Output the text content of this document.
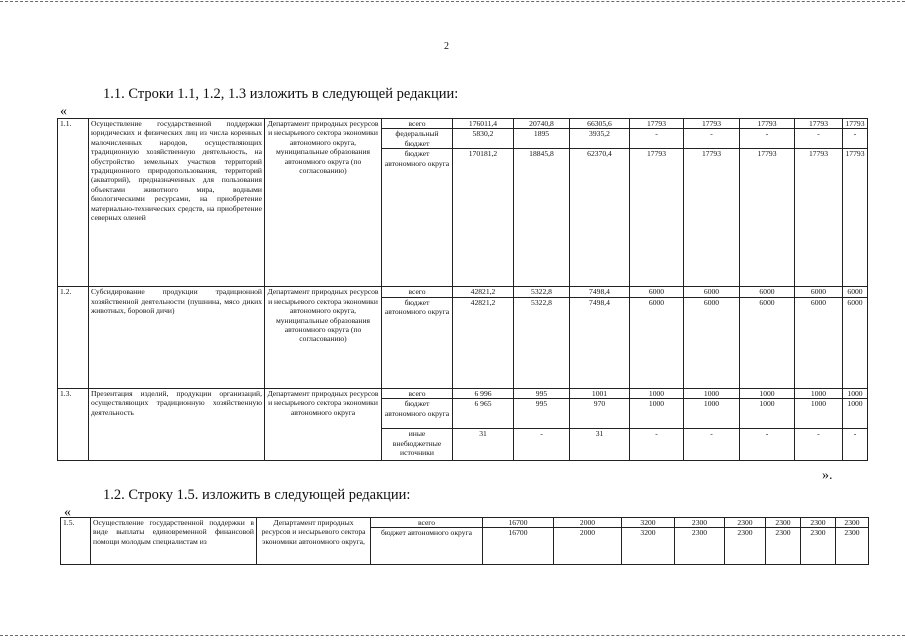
2
1.1. Строки 1.1, 1.2, 1.3 изложить в следующей редакции:
«
1.1.	Осуществление государственной поддержки юридических и физических лиц из числа коренных малочисленных народов, осуществляющих традиционную хозяйственную деятельность, на обустройство земельных участков территорий традиционного природопользования, территорий (акваторий), предназначенных для пользования объектами животного мира, водными биологическими ресурсами, на приобретение материально-технических средств, на приобретение северных оленей	Департамент природных ресурсов и несырьевого сектора экономики автономного округа, муниципальные образования автономного округа (по согласованию)	всего	176011,4	20740,8	66305,6	17793	17793	17793	17793	17793
			федеральный бюджет	5830,2	1895	3935,2	-	-	-	-	-
			бюджет автономного округа	170181,2	18845,8	62370,4	17793	17793	17793	17793	17793
1.2.	Субсидирование продукции традиционной хозяйственной деятельности (пушнина, мясо диких животных, боровой дичи)	Департамент природных ресурсов и несырьевого сектора экономики автономного округа, муниципальные образования автономного округа (по согласованию)	всего	42821,2	5322,8	7498,4	6000	6000	6000	6000	6000
			бюджет автономного округа	42821,2	5322,8	7498,4	6000	6000	6000	6000	6000
1.3.	Презентация изделий, продукции организаций, осуществляющих традиционную хозяйственную деятельность	Департамент природных ресурсов и несырьевого сектора экономики автономного округа	всего	6 996	995	1001	1000	1000	1000	1000	1000
			бюджет автономного округа	6 965	995	970	1000	1000	1000	1000	1000
			иные внебюджетные источники	31	-	31	-	-	-	-	-
».
1.2. Строку 1.5. изложить в следующей редакции:
«
1.5.	Осуществление государственной поддержки в виде выплаты единовременной финансовой помощи молодым специалистам из	Департамент природных ресурсов и несырьевого сектора экономики автономного округа,	всего	16700	2000	3200	2300	2300	2300	2300	2300
			бюджет автономного округа	16700	2000	3200	2300	2300	2300	2300	2300
